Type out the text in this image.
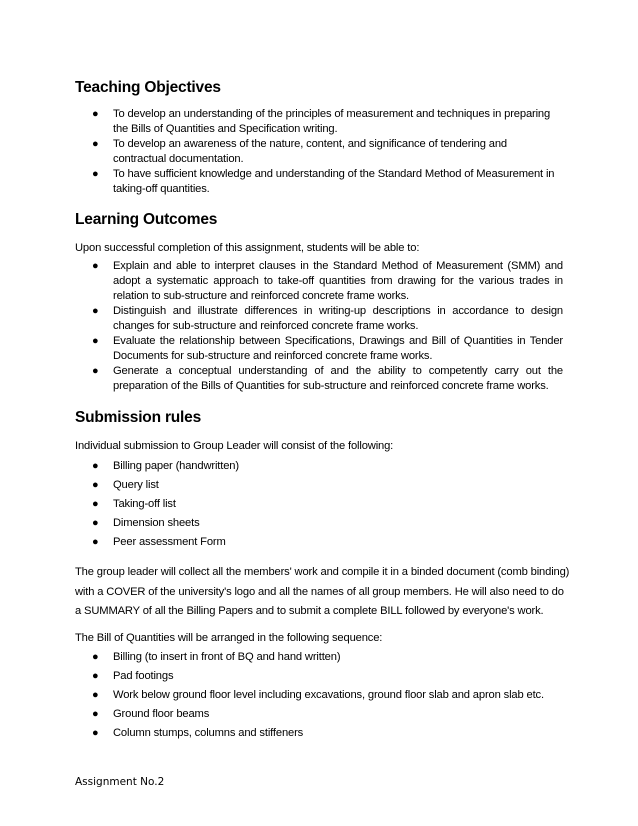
Teaching Objectives
● To develop an understanding of the principles of measurement and techniques in preparing the Bills of Quantities and Specification writing.
● To develop an awareness of the nature, content, and significance of tendering and contractual documentation.
● To have sufficient knowledge and understanding of the Standard Method of Measurement in taking-off quantities.
Learning Outcomes

Upon successful completion of this assignment, students will be able to:

● Explain and able to interpret clauses in the Standard Method of Measurement (SMM) and adopt a systematic approach to take-off quantities from drawing for the various trades in relation to sub-structure and reinforced concrete frame works.
● Distinguish and illustrate differences in writing-up descriptions in accordance to design changes for sub-structure and reinforced concrete frame works.
● Evaluate the relationship between Specifications, Drawings and Bill of Quantities in Tender Documents for sub-structure and reinforced concrete frame works.
● Generate a conceptual understanding of and the ability to competently carry out the preparation of the Bills of Quantities for sub-structure and reinforced concrete frame works.
Submission rules

Individual submission to Group Leader will consist of the following:

● Billing paper (handwritten)
● Query list
● Taking-off list
● Dimension sheets
● Peer assessment Form

The group leader will collect all the members' work and compile it in a binded document (comb binding) with a COVER of the university's logo and all the names of all group members. He will also need to do a SUMMARY of all the Billing Papers and to submit a complete BILL followed by everyone's work.

The Bill of Quantities will be arranged in the following sequence:

● Billing (to insert in front of BQ and hand written)
● Pad footings
● Work below ground floor level including excavations, ground floor slab and apron slab etc.
● Ground floor beams
● Column stumps, columns and stiffeners
Assignment No.2
